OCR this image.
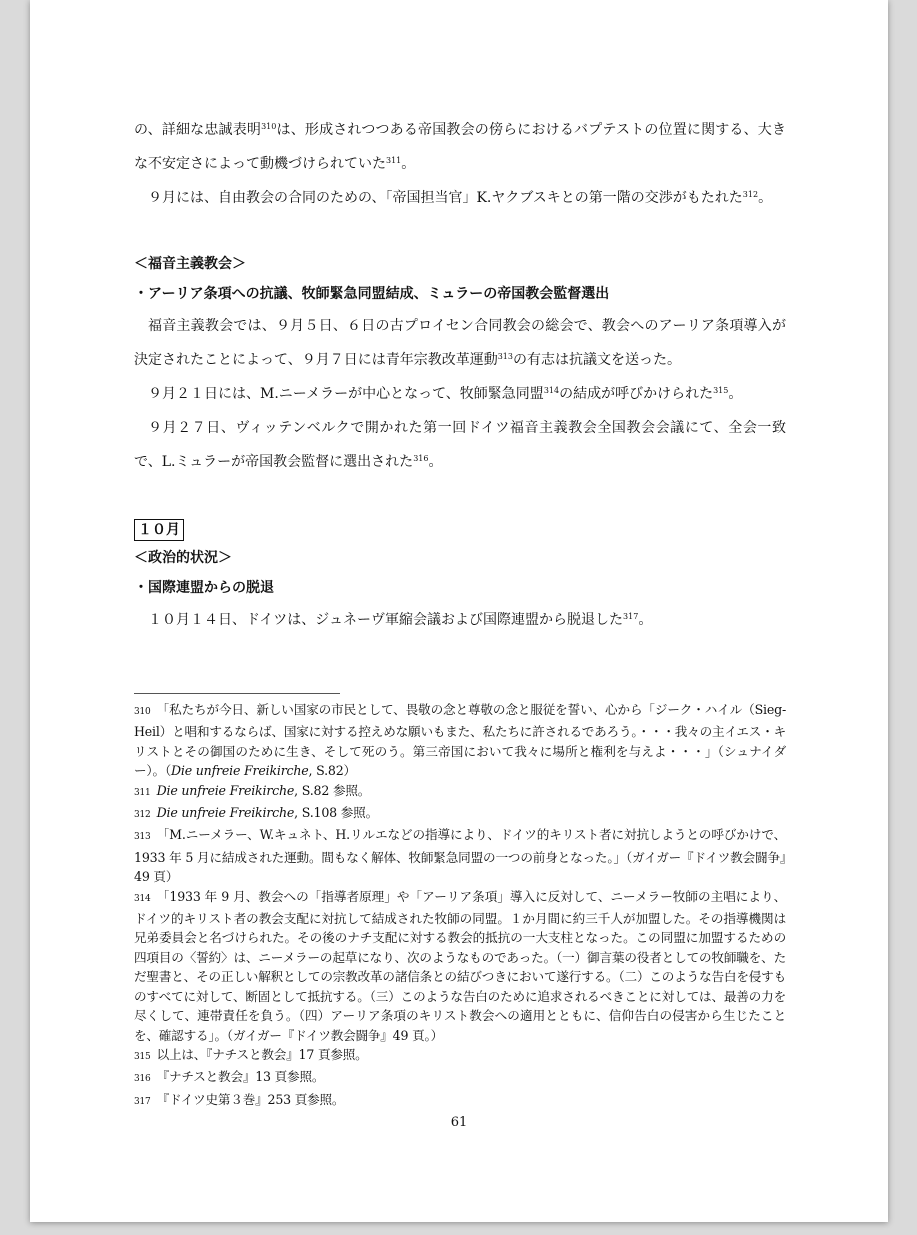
の、詳細な忠誠表明$^{310}$は、形成されつつある帝国教会の傍らにおけるバプテストの位置に関する、大きな不安定さによって動機づけられていた$^{311}$。

９月には、自由教会の合同のための、「帝国担当官」K.ヤクブスキとの第一階の交渉がもたれた$^{312}$。

＜福音主義教会＞

・アーリア条項への抗議、牧師緊急同盟結成、ミュラーの帝国教会監督選出

福音主義教会では、９月５日、６日の古プロイセン合同教会の総会で、教会へのアーリア条項導入が決定されたことによって、９月７日には青年宗教改革運動$^{313}$の有志は抗議文を送った。

９月２１日には、M.ニーメラーが中心となって、牧師緊急同盟$^{314}$の結成が呼びかけられた$^{315}$。

９月２７日、ヴィッテンベルクで開かれた第一回ドイツ福音主義教会全国教会会議にて、全会一致で、L.ミュラーが帝国教会監督に選出された$^{316}$。

１０月

＜政治的状況＞

・国際連盟からの脱退

１０月１４日、ドイツは、ジュネーヴ軍縮会議および国際連盟から脱退した$^{317}$。

310 「私たちが今日、新しい国家の市民として、畏敬の念と尊敬の念と服従を誓い、心から「ジーク・ハイル（Sieg-Heil）と唱和するならば、国家に対する控えめな願いもまた、私たちに許されるであろう。・・・我々の主イエス・キリストとその御国のために生き、そして死のう。第三帝国において我々に場所と権利を与えよ・・・」（シュナイダー）。（Die unfreie Freikirche, S.82）

311 Die unfreie Freikirche, S.82 参照。

312 Die unfreie Freikirche, S.108 参照。

313 「M.ニーメラー、W.キュネト、H.リルエなどの指導により、ドイツ的キリスト者に対抗しようとの呼びかけで、1933 年 5 月に結成された運動。間もなく解体、牧師緊急同盟の一つの前身となった。」（ガイガー『ドイツ教会闘争』49 頁）

314 「1933 年 9 月、教会への「指導者原理」や「アーリア条項」導入に反対して、ニーメラー牧師の主唱により、ドイツ的キリスト者の教会支配に対抗して結成された牧師の同盟。１か月間に約三千人が加盟した。その指導機関は兄弟委員会と名づけられた。その後のナチ支配に対する教会的抵抗の一大支柱となった。この同盟に加盟するための四項目の〈誓約〉は、ニーメラーの起草になり、次のようなものであった。（一）御言葉の役者としての牧師職を、ただ聖書と、その正しい解釈としての宗教改革の諸信条との結びつきにおいて遂行する。（二）このような告白を侵すものすべてに対して、断固として抵抗する。（三）このような告白のために追求されるべきことに対しては、最善の力を尽くして、連帯責任を負う。（四）アーリア条項のキリスト教会への適用とともに、信仰告白の侵害から生じたことを、確認する」。（ガイガー『ドイツ教会闘争』49 頁。）

315 以上は、『ナチスと教会』17 頁参照。

316 『ナチスと教会』13 頁参照。

317 『ドイツ史第３巻』253 頁参照。

61
